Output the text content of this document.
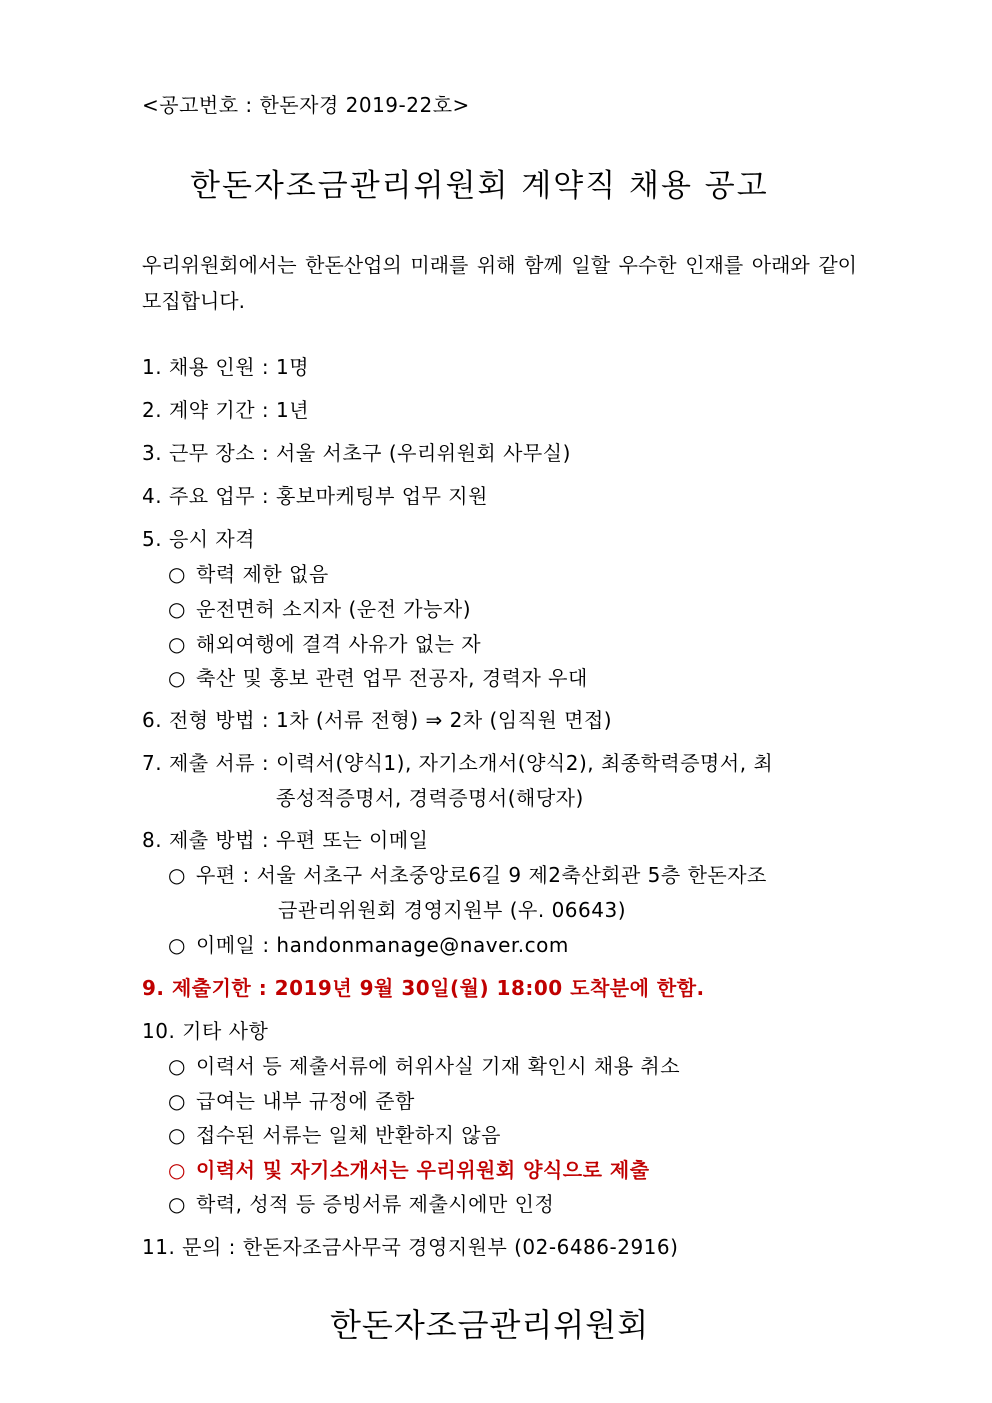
<공고번호 : 한돈자경 2019-22호>
한돈자조금관리위원회 계약직 채용 공고
우리위원회에서는 한돈산업의 미래를 위해 함께 일할 우수한 인재를 아래와 같이 모집합니다.
1. 채용 인원 : 1명
2. 계약 기간 : 1년
3. 근무 장소 : 서울 서초구 (우리위원회 사무실)
4. 주요 업무 : 홍보마케팅부 업무 지원
5. 응시 자격
○ 학력 제한 없음
○ 운전면허 소지자 (운전 가능자)
○ 해외여행에 결격 사유가 없는 자
○ 축산 및 홍보 관련 업무 전공자, 경력자 우대
6. 전형 방법 : 1차 (서류 전형) ⇒ 2차 (임직원 면접)
7. 제출 서류 : 이력서(양식1), 자기소개서(양식2), 최종학력증명서, 최
종성적증명서, 경력증명서(해당자)
8. 제출 방법 : 우편 또는 이메일
○ 우편 : 서울 서초구 서초중앙로6길 9 제2축산회관 5층 한돈자조
금관리위원회 경영지원부 (우. 06643)
○ 이메일 : handonmanage@naver.com
9. 제출기한 : 2019년 9월 30일(월) 18:00 도착분에 한함.
10. 기타 사항
○ 이력서 등 제출서류에 허위사실 기재 확인시 채용 취소
○ 급여는 내부 규정에 준함
○ 접수된 서류는 일체 반환하지 않음
○ 이력서 및 자기소개서는 우리위원회 양식으로 제출
○ 학력, 성적 등 증빙서류 제출시에만 인정
11. 문의 : 한돈자조금사무국 경영지원부 (02-6486-2916)
한돈자조금관리위원회
